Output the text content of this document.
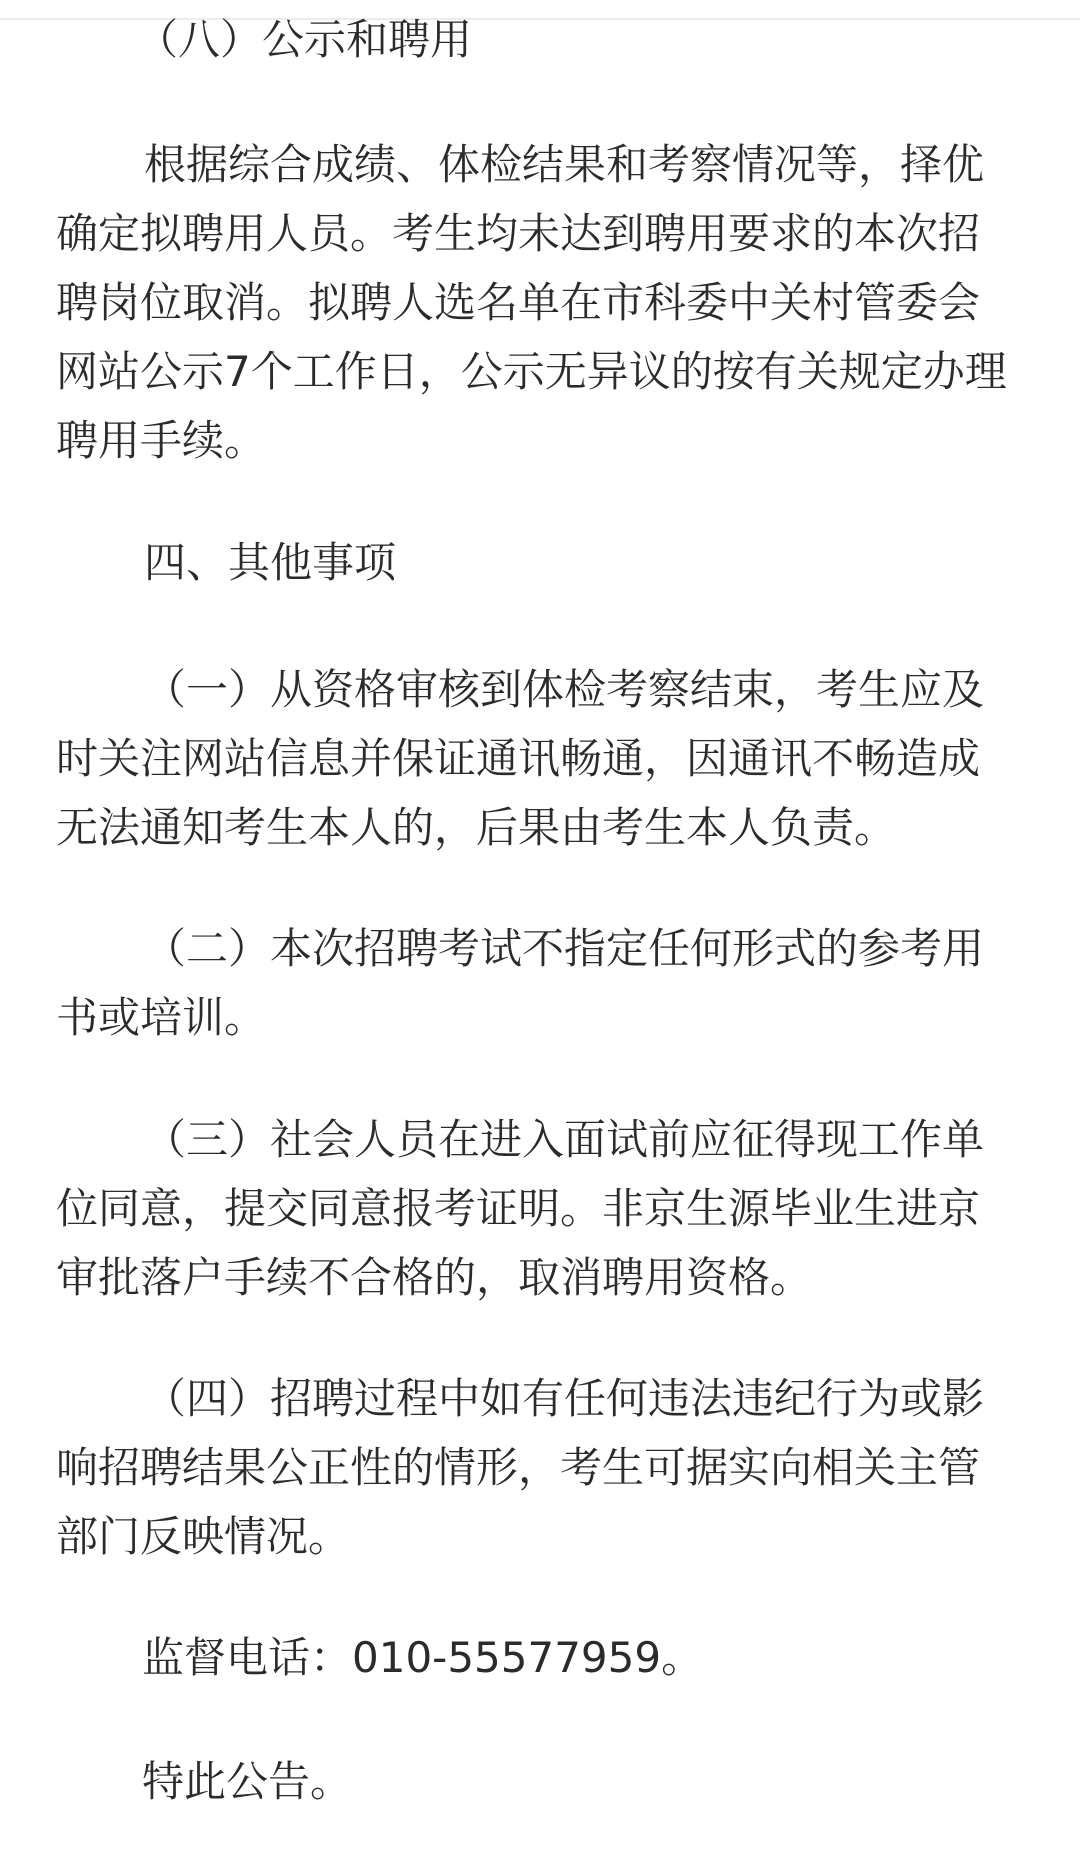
（八）公示和聘用
根据综合成绩、体检结果和考察情况等，择优
确定拟聘用人员。考生均未达到聘用要求的本次招
聘岗位取消。拟聘人选名单在市科委中关村管委会
网站公示7个工作日，公示无异议的按有关规定办理
聘用手续。
四、其他事项
（一）从资格审核到体检考察结束，考生应及
时关注网站信息并保证通讯畅通，因通讯不畅造成
无法通知考生本人的，后果由考生本人负责。
（二）本次招聘考试不指定任何形式的参考用
书或培训。
（三）社会人员在进入面试前应征得现工作单
位同意，提交同意报考证明。非京生源毕业生进京
审批落户手续不合格的，取消聘用资格。
（四）招聘过程中如有任何违法违纪行为或影
响招聘结果公正性的情形，考生可据实向相关主管
部门反映情况。
监督电话：010-55577959。
特此公告。
